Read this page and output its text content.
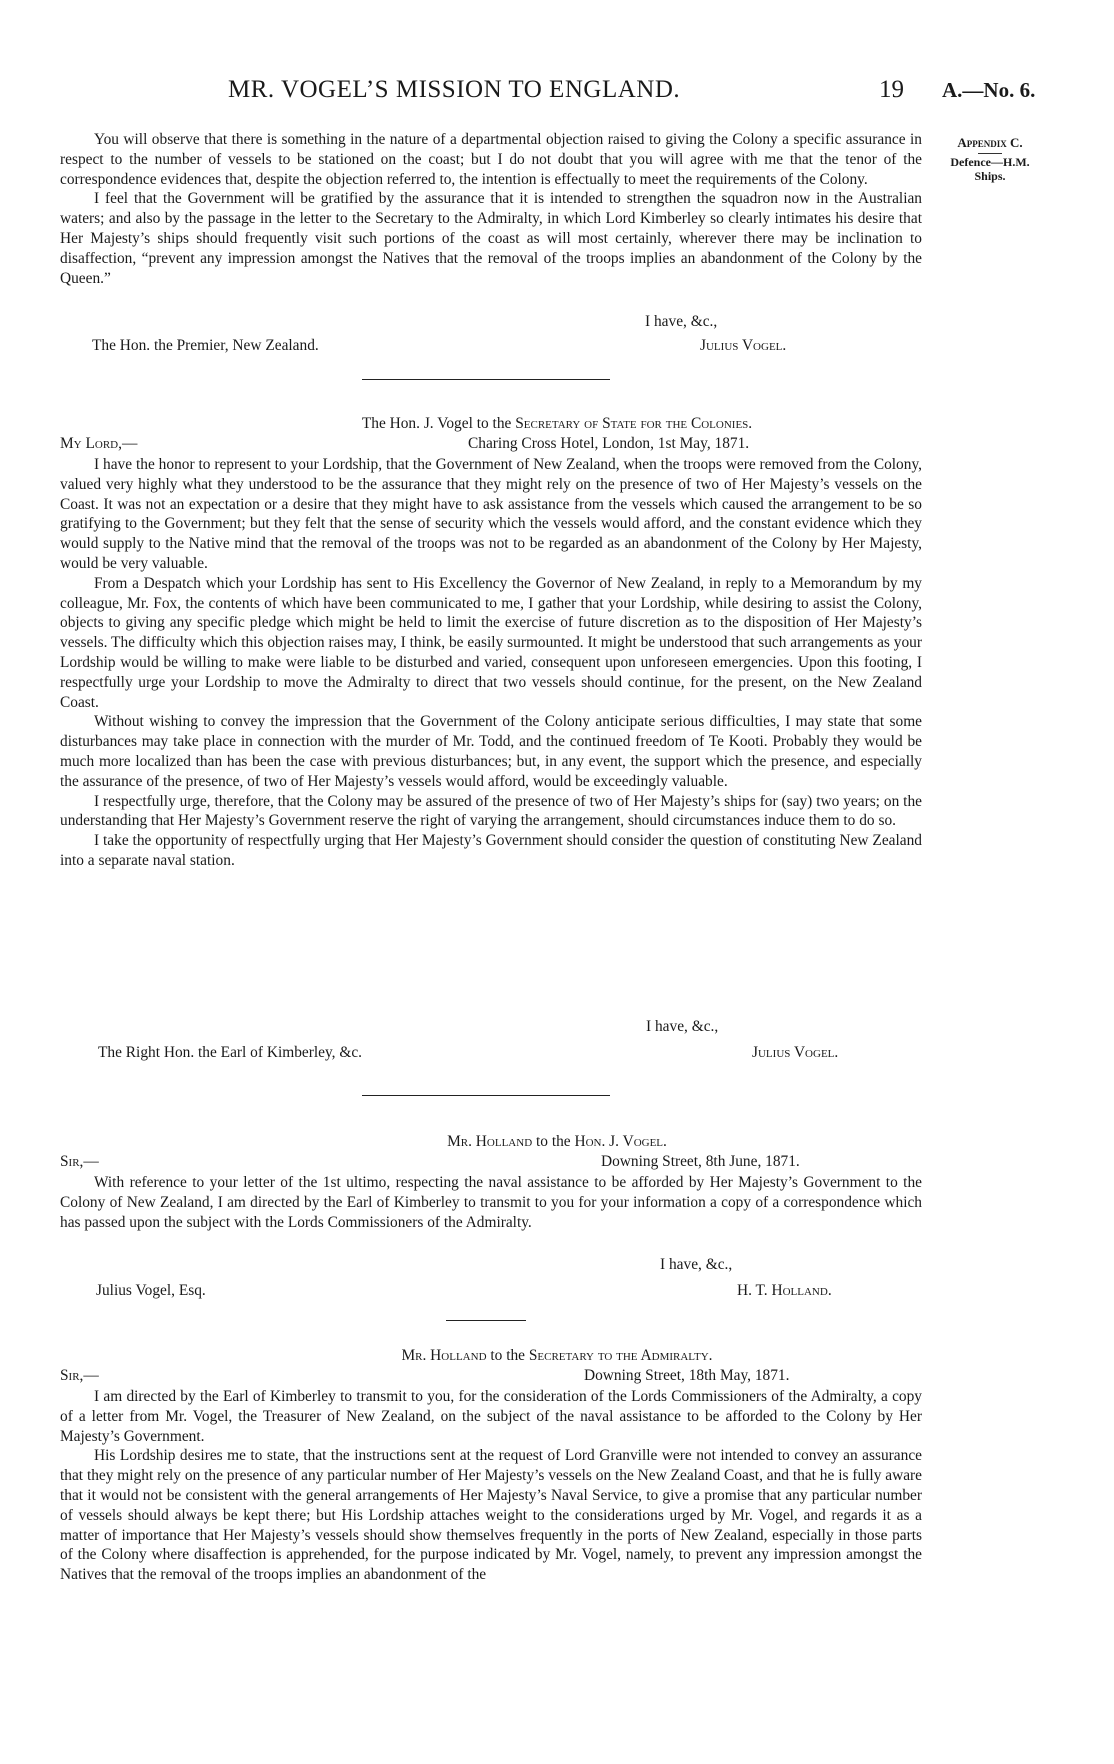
MR. VOGEL’S MISSION TO ENGLAND.	19 A.—No. 6.
Appendix C.
Defence—H.M. Ships.

You will observe that there is something in the nature of a departmental objection raised to giving the Colony a specific assurance in respect to the number of vessels to be stationed on the coast; but I do not doubt that you will agree with me that the tenor of the correspondence evidences that, despite the objection referred to, the intention is effectually to meet the requirements of the Colony.

I feel that the Government will be gratified by the assurance that it is intended to strengthen the squadron now in the Australian waters; and also by the passage in the letter to the Secretary to the Admiralty, in which Lord Kimberley so clearly intimates his desire that Her Majesty’s ships should frequently visit such portions of the coast as will most certainly, wherever there may be inclination to disaffection, “prevent any impression amongst the Natives that the removal of the troops implies an abandonment of the Colony by the Queen.”

I have, &c.,
The Hon. the Premier, New Zealand.	Julius Vogel.
The Hon. J. Vogel to the Secretary of State for the Colonies.
My Lord,—	Charing Cross Hotel, London, 1st May, 1871.

I have the honor to represent to your Lordship, that the Government of New Zealand, when the troops were removed from the Colony, valued very highly what they understood to be the assurance that they might rely on the presence of two of Her Majesty’s vessels on the Coast. It was not an expectation or a desire that they might have to ask assistance from the vessels which caused the arrangement to be so gratifying to the Government; but they felt that the sense of security which the vessels would afford, and the constant evidence which they would supply to the Native mind that the removal of the troops was not to be regarded as an abandonment of the Colony by Her Majesty, would be very valuable.

From a Despatch which your Lordship has sent to His Excellency the Governor of New Zealand, in reply to a Memorandum by my colleague, Mr. Fox, the contents of which have been communicated to me, I gather that your Lordship, while desiring to assist the Colony, objects to giving any specific pledge which might be held to limit the exercise of future discretion as to the disposition of Her Majesty’s vessels. The difficulty which this objection raises may, I think, be easily surmounted. It might be understood that such arrangements as your Lordship would be willing to make were liable to be disturbed and varied, consequent upon unforeseen emergencies. Upon this footing, I respectfully urge your Lordship to move the Admiralty to direct that two vessels should continue, for the present, on the New Zealand Coast.

Without wishing to convey the impression that the Government of the Colony anticipate serious difficulties, I may state that some disturbances may take place in connection with the murder of Mr. Todd, and the continued freedom of Te Kooti. Probably they would be much more localized than has been the case with previous disturbances; but, in any event, the support which the presence, and especially the assurance of the presence, of two of Her Majesty’s vessels would afford, would be exceedingly valuable.

I respectfully urge, therefore, that the Colony may be assured of the presence of two of Her Majesty’s ships for (say) two years; on the understanding that Her Majesty’s Government reserve the right of varying the arrangement, should circumstances induce them to do so.

I take the opportunity of respectfully urging that Her Majesty’s Government should consider the question of constituting New Zealand into a separate naval station.

I have, &c.,
The Right Hon. the Earl of Kimberley, &c.	Julius Vogel.
Mr. Holland to the Hon. J. Vogel.
Sir,—	Downing Street, 8th June, 1871.

With reference to your letter of the 1st ultimo, respecting the naval assistance to be afforded by Her Majesty’s Government to the Colony of New Zealand, I am directed by the Earl of Kimberley to transmit to you for your information a copy of a correspondence which has passed upon the subject with the Lords Commissioners of the Admiralty.

I have, &c.,
Julius Vogel, Esq.	H. T. Holland.
Mr. Holland to the Secretary to the Admiralty.
Sir,—	Downing Street, 18th May, 1871.

I am directed by the Earl of Kimberley to transmit to you, for the consideration of the Lords Commissioners of the Admiralty, a copy of a letter from Mr. Vogel, the Treasurer of New Zealand, on the subject of the naval assistance to be afforded to the Colony by Her Majesty’s Government.

His Lordship desires me to state, that the instructions sent at the request of Lord Granville were not intended to convey an assurance that they might rely on the presence of any particular number of Her Majesty’s vessels on the New Zealand Coast, and that he is fully aware that it would not be consistent with the general arrangements of Her Majesty’s Naval Service, to give a promise that any particular number of vessels should always be kept there; but His Lordship attaches weight to the considerations urged by Mr. Vogel, and regards it as a matter of importance that Her Majesty’s vessels should show themselves frequently in the ports of New Zealand, especially in those parts of the Colony where disaffection is apprehended, for the purpose indicated by Mr. Vogel, namely, to prevent any impression amongst the Natives that the removal of the troops implies an abandonment of the
